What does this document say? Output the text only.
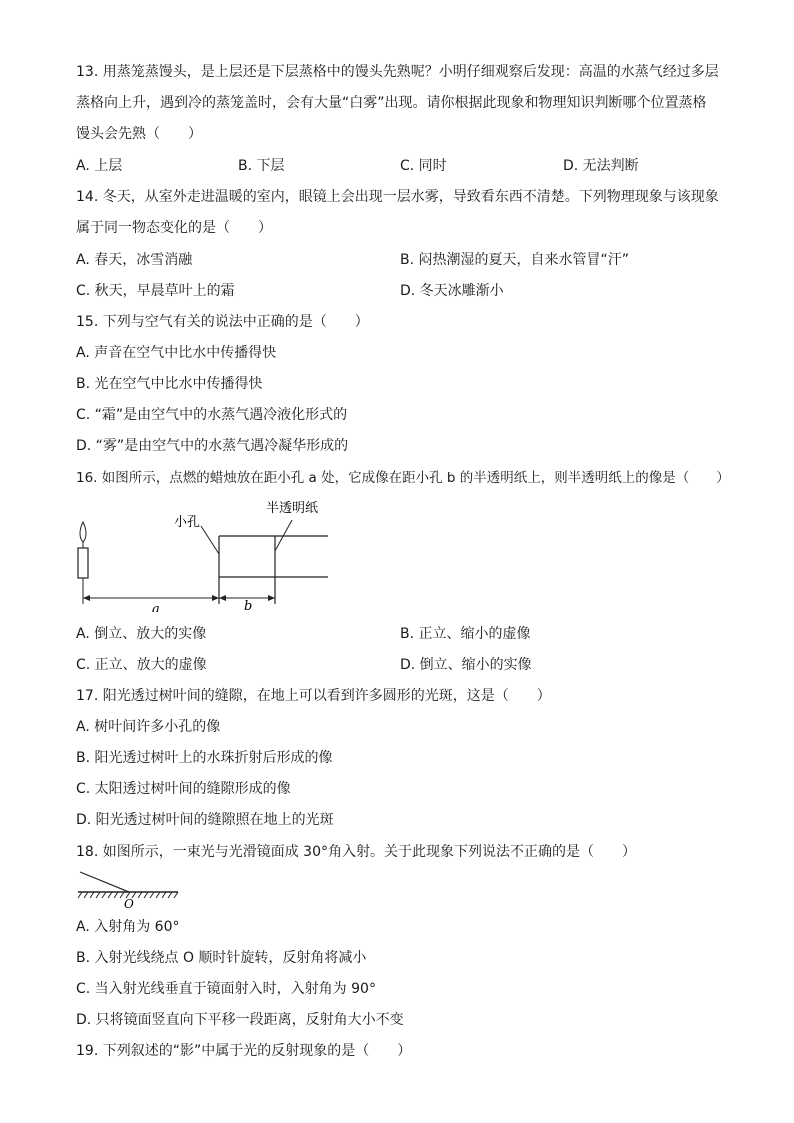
13. 用蒸笼蒸馒头，是上层还是下层蒸格中的馒头先熟呢？小明仔细观察后发现：高温的水蒸气经过多层
蒸格向上升，遇到冷的蒸笼盖时，会有大量“白雾”出现。请你根据此现象和物理知识判断哪个位置蒸格
馒头会先熟（　　）
A. 上层	B. 下层	C. 同时	D. 无法判断
14. 冬天，从室外走进温暖的室内，眼镜上会出现一层水雾，导致看东西不清楚。下列物理现象与该现象
属于同一物态变化的是（　　）
A. 春天，冰雪消融	B. 闷热潮湿的夏天，自来水管冒“汗”
C. 秋天，早晨草叶上的霜	D. 冬天冰雕渐小
15. 下列与空气有关的说法中正确的是（　　）
A. 声音在空气中比水中传播得快
B. 光在空气中比水中传播得快
C. “霜”是由空气中的水蒸气遇冷液化形式的
D. “雾”是由空气中的水蒸气遇冷凝华形成的
16. 如图所示，点燃的蜡烛放在距小孔 a 处，它成像在距小孔 b 的半透明纸上，则半透明纸上的像是（　　）
小孔
半透明纸
a	b
A. 倒立、放大的实像	B. 正立、缩小的虚像
C. 正立、放大的虚像	D. 倒立、缩小的实像
17. 阳光透过树叶间的缝隙，在地上可以看到许多圆形的光斑，这是（　　）
A. 树叶间许多小孔的像
B. 阳光透过树叶上的水珠折射后形成的像
C. 太阳透过树叶间的缝隙形成的像
D. 阳光透过树叶间的缝隙照在地上的光斑
18. 如图所示，一束光与光滑镜面成 30°角入射。关于此现象下列说法不正确的是（　　）
O
A. 入射角为 60°
B. 入射光线绕点 O 顺时针旋转，反射角将减小
C. 当入射光线垂直于镜面射入时，入射角为 90°
D. 只将镜面竖直向下平移一段距离，反射角大小不变
19. 下列叙述的“影”中属于光的反射现象的是（　　）
